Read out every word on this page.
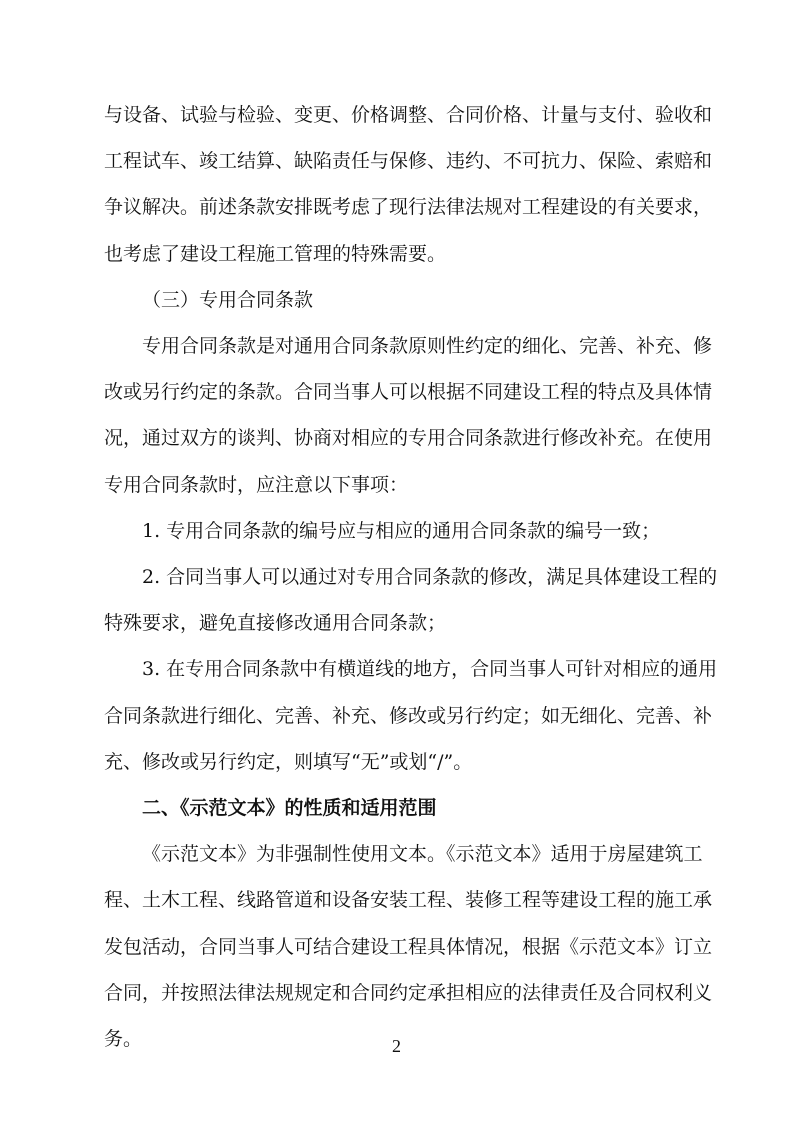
与设备、试验与检验、变更、价格调整、合同价格、计量与支付、验收和
工程试车、竣工结算、缺陷责任与保修、违约、不可抗力、保险、索赔和
争议解决。前述条款安排既考虑了现行法律法规对工程建设的有关要求，
也考虑了建设工程施工管理的特殊需要。
（三）专用合同条款
专用合同条款是对通用合同条款原则性约定的细化、完善、补充、修
改或另行约定的条款。合同当事人可以根据不同建设工程的特点及具体情
况，通过双方的谈判、协商对相应的专用合同条款进行修改补充。在使用
专用合同条款时，应注意以下事项：
1. 专用合同条款的编号应与相应的通用合同条款的编号一致；
2. 合同当事人可以通过对专用合同条款的修改，满足具体建设工程的
特殊要求，避免直接修改通用合同条款；
3. 在专用合同条款中有横道线的地方，合同当事人可针对相应的通用
合同条款进行细化、完善、补充、修改或另行约定；如无细化、完善、补
充、修改或另行约定，则填写“无”或划“/”。
二、《示范文本》的性质和适用范围
《示范文本》为非强制性使用文本。《示范文本》适用于房屋建筑工
程、土木工程、线路管道和设备安装工程、装修工程等建设工程的施工承
发包活动，合同当事人可结合建设工程具体情况，根据《示范文本》订立
合同，并按照法律法规规定和合同约定承担相应的法律责任及合同权利义
务。	2
